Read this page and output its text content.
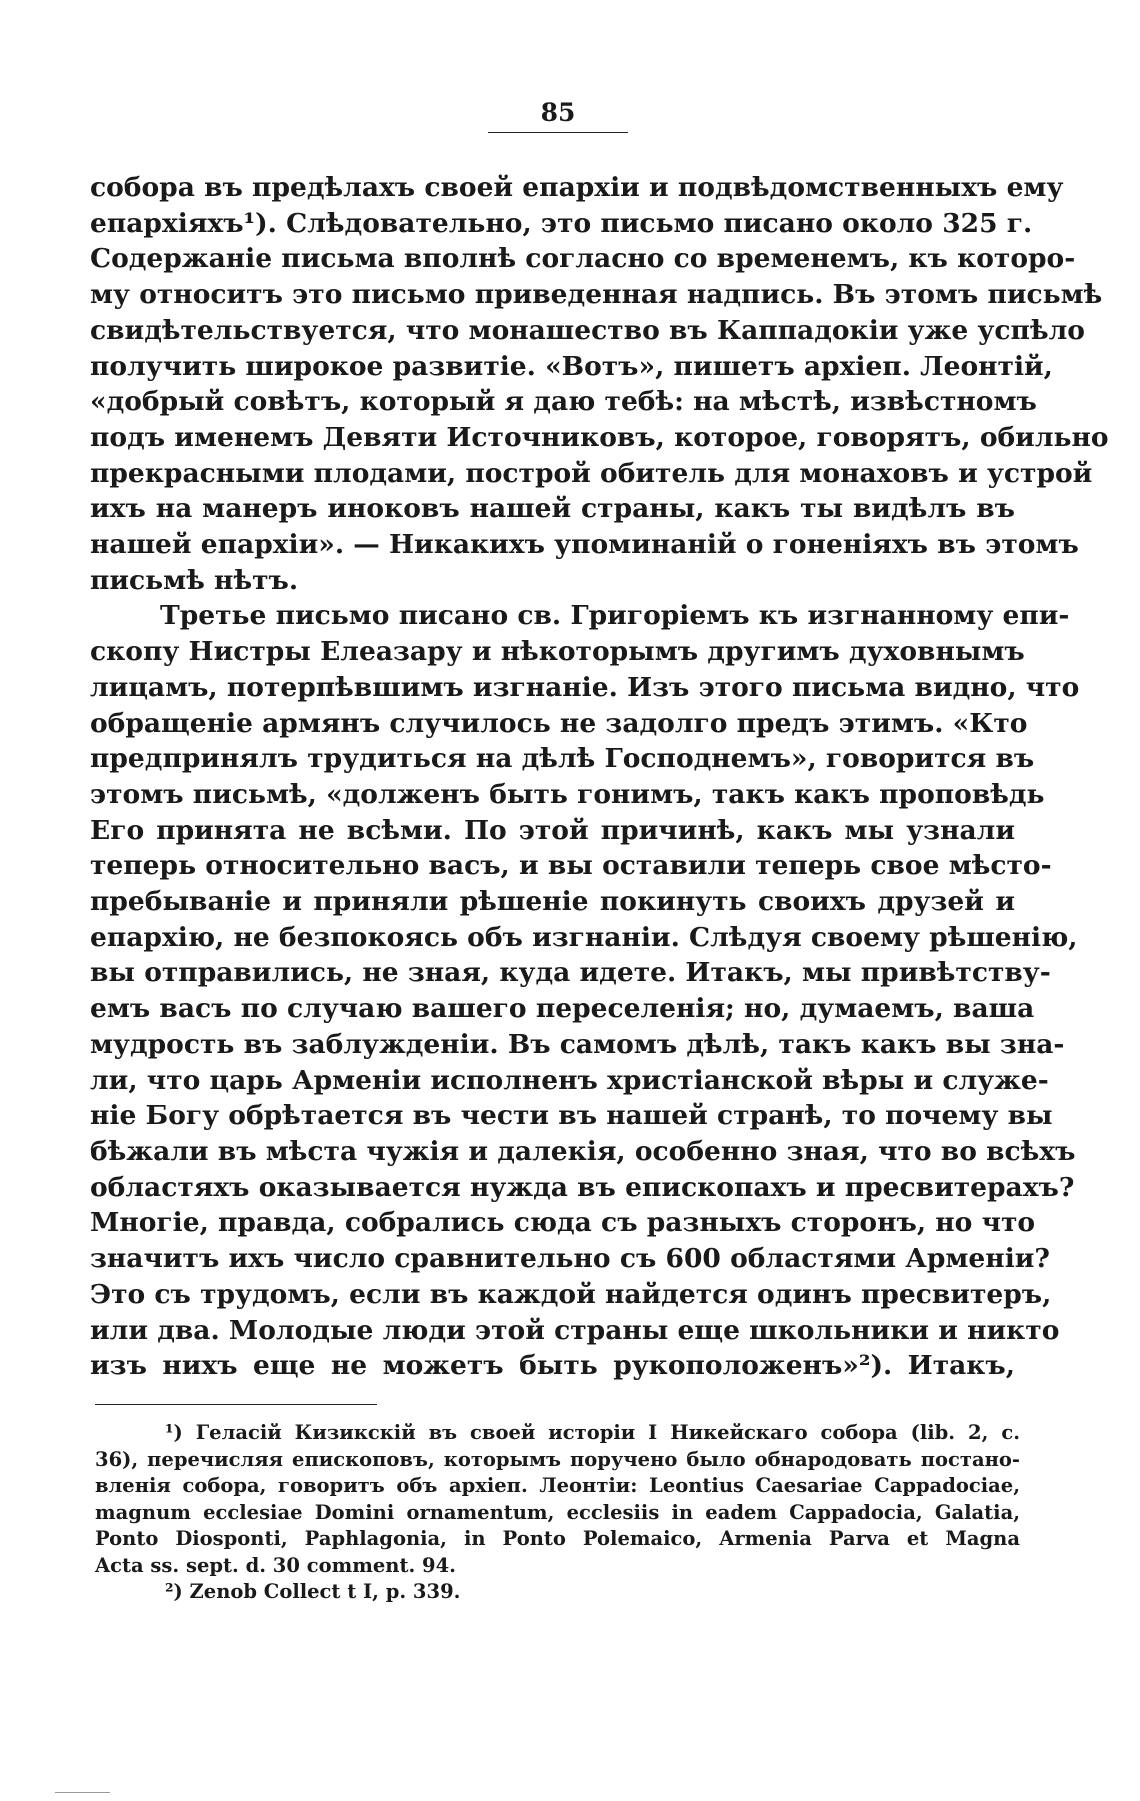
85
собора въ предѣлахъ своей епархіи и подвѣдомственныхъ ему
епархіяхъ¹). Слѣдовательно, это письмо писано около 325 г.
Содержаніе письма вполнѣ согласно со временемъ, къ которо-
му относитъ это письмо приведенная надпись. Въ этомъ письмѣ
свидѣтельствуется, что монашество въ Каппадокіи уже успѣло
получить широкое развитіе. «Вотъ», пишетъ архіеп. Леонтій,
«добрый совѣтъ, который я даю тебѣ: на мѣстѣ, извѣстномъ
подъ именемъ Девяти Источниковъ, которое, говорятъ, обильно
прекрасными плодами, построй обитель для монаховъ и устрой
ихъ на манеръ иноковъ нашей страны, какъ ты видѣлъ въ
нашей епархіи». — Никакихъ упоминаній о гоненіяхъ въ этомъ
письмѣ нѣтъ.
Третье письмо писано св. Григоріемъ къ изгнанному епи-
скопу Нистры Елеазару и нѣкоторымъ другимъ духовнымъ
лицамъ, потерпѣвшимъ изгнаніе. Изъ этого письма видно, что
обращеніе армянъ случилось не задолго предъ этимъ. «Кто
предпринялъ трудиться на дѣлѣ Господнемъ», говорится въ
этомъ письмѣ, «долженъ быть гонимъ, такъ какъ проповѣдь
Его принята не всѣми. По этой причинѣ, какъ мы узнали
теперь относительно васъ, и вы оставили теперь свое мѣсто-
пребываніе и приняли рѣшеніе покинуть своихъ друзей и
епархію, не безпокоясь объ изгнаніи. Слѣдуя своему рѣшенію,
вы отправились, не зная, куда идете. Итакъ, мы привѣтству-
емъ васъ по случаю вашего переселенія; но, думаемъ, ваша
мудрость въ заблужденіи. Въ самомъ дѣлѣ, такъ какъ вы зна-
ли, что царь Арменіи исполненъ христіанской вѣры и служе-
ніе Богу обрѣтается въ чести въ нашей странѣ, то почему вы
бѣжали въ мѣста чужія и далекія, особенно зная, что во всѣхъ
областяхъ оказывается нужда въ епископахъ и пресвитерахъ?
Многіе, правда, собрались сюда съ разныхъ сторонъ, но что
значитъ ихъ число сравнительно съ 600 областями Арменіи?
Это съ трудомъ, если въ каждой найдется одинъ пресвитеръ,
или два. Молодые люди этой страны еще школьники и никто
изъ нихъ еще не можетъ быть рукоположенъ»²). Итакъ,
¹) Геласій Кизикскій въ своей исторіи I Никейскаго собора (lib. 2, с.
36), перечисляя епископовъ, которымъ поручено было обнародовать постано-
вленія собора, говоритъ объ архіеп. Леонтіи: Leontius Caesariae Cappadociae,
magnum ecclesiae Domini ornamentum, ecclesiis in eadem Cappadocia, Galatia,
Ponto Diosponti, Paphlagonia, in Ponto Polemaico, Armenia Parva et Magna
Acta ss. sept. d. 30 comment. 94.
²) Zenob Collect t I, p. 339.
